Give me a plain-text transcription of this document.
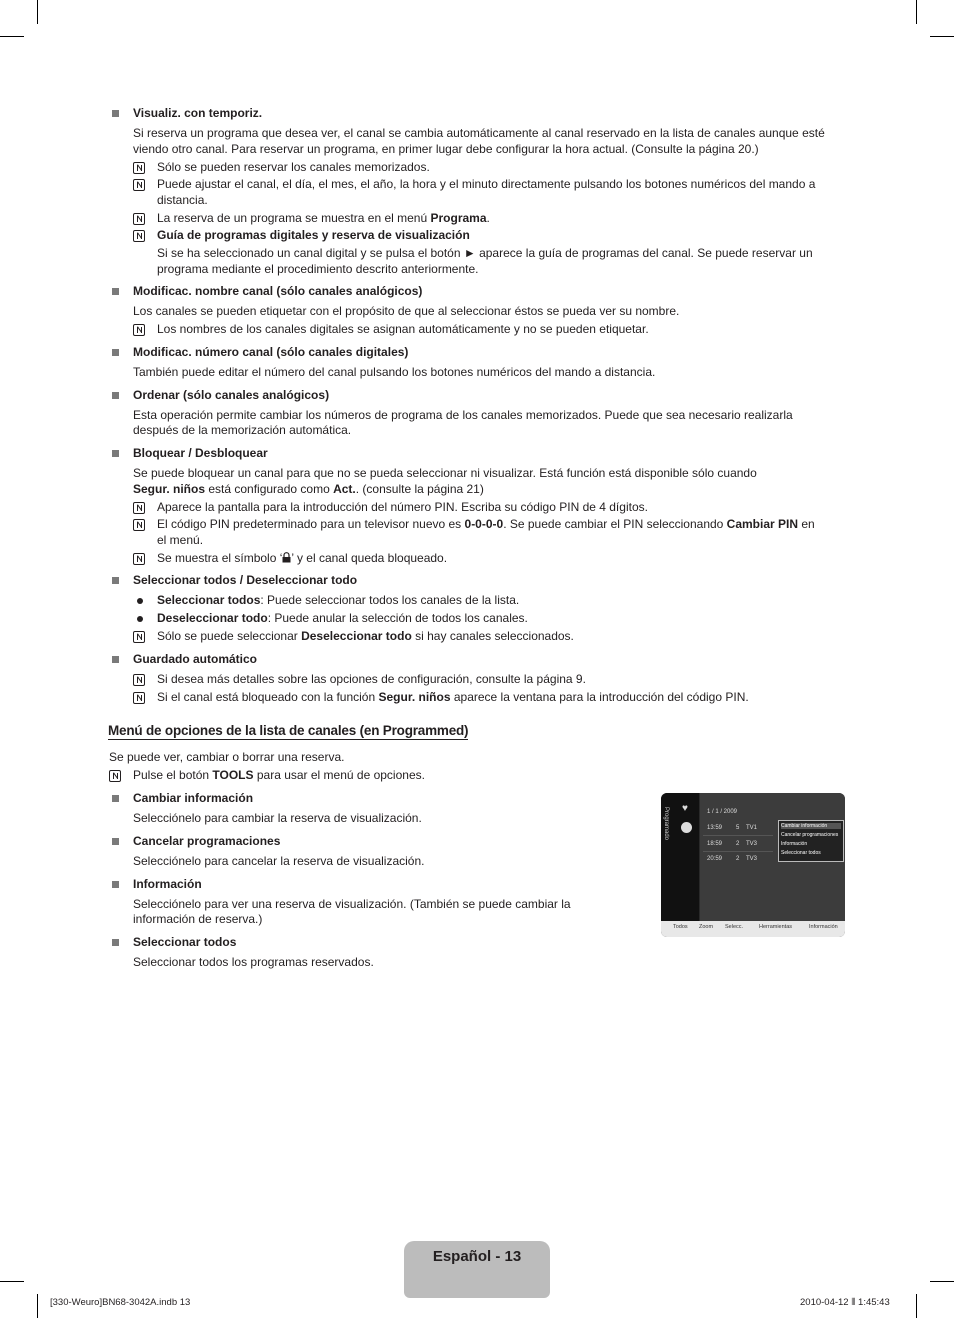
Visualiz. con temporiz.
Si reserva un programa que desea ver, el canal se cambia automáticamente al canal reservado en la lista de canales aunque esté
viendo otro canal. Para reservar un programa, en primer lugar debe configurar la hora actual. (Consulte la página 20.)
Sólo se pueden reservar los canales memorizados.
Puede ajustar el canal, el día, el mes, el año, la hora y el minuto directamente pulsando los botones numéricos del mando a
distancia.
La reserva de un programa se muestra en el menú Programa.
Guía de programas digitales y reserva de visualización
Si se ha seleccionado un canal digital y se pulsa el botón ► aparece la guía de programas del canal. Se puede reservar un
programa mediante el procedimiento descrito anteriormente.
Modificac. nombre canal (sólo canales analógicos)
Los canales se pueden etiquetar con el propósito de que al seleccionar éstos se pueda ver su nombre.
Los nombres de los canales digitales se asignan automáticamente y no se pueden etiquetar.
Modificac. número canal (sólo canales digitales)
También puede editar el número del canal pulsando los botones numéricos del mando a distancia.
Ordenar (sólo canales analógicos)
Esta operación permite cambiar los números de programa de los canales memorizados. Puede que sea necesario realizarla
después de la memorización automática.
Bloquear / Desbloquear
Se puede bloquear un canal para que no se pueda seleccionar ni visualizar. Está función está disponible sólo cuando
Segur. niños está configurado como Act.. (consulte la página 21)
Aparece la pantalla para la introducción del número PIN. Escriba su código PIN de 4 dígitos.
El código PIN predeterminado para un televisor nuevo es 0-0-0-0. Se puede cambiar el PIN seleccionando Cambiar PIN en
el menú.
Se muestra el símbolo ‘ ’ y el canal queda bloqueado.
Seleccionar todos / Deseleccionar todo
Seleccionar todos: Puede seleccionar todos los canales de la lista.
Deseleccionar todo: Puede anular la selección de todos los canales.
Sólo se puede seleccionar Deseleccionar todo si hay canales seleccionados.
Guardado automático
Si desea más detalles sobre las opciones de configuración, consulte la página 9.
Si el canal está bloqueado con la función Segur. niños aparece la ventana para la introducción del código PIN.
Menú de opciones de la lista de canales (en Programmed)
Se puede ver, cambiar o borrar una reserva.
Pulse el botón TOOLS para usar el menú de opciones.
Cambiar información
Selecciónelo para cambiar la reserva de visualización.
Cancelar programaciones
Selecciónelo para cancelar la reserva de visualización.
Información
Selecciónelo para ver una reserva de visualización. (También se puede cambiar la
información de reserva.)
Seleccionar todos
Seleccionar todos los programas reservados.
Programado ♥	1 / 1 / 2009
13:59 5 TV1
18:59 2 TV3
20:59 2 TV3
Cambiar información
Cancelar programaciones
Información
Seleccionar todos
Todos Zoom Selecc.	Herramientas	Información
Español - 13
[330-Weuro]BN68-3042A.indb 13	2010-04-12 ⦀ 1:45:43
